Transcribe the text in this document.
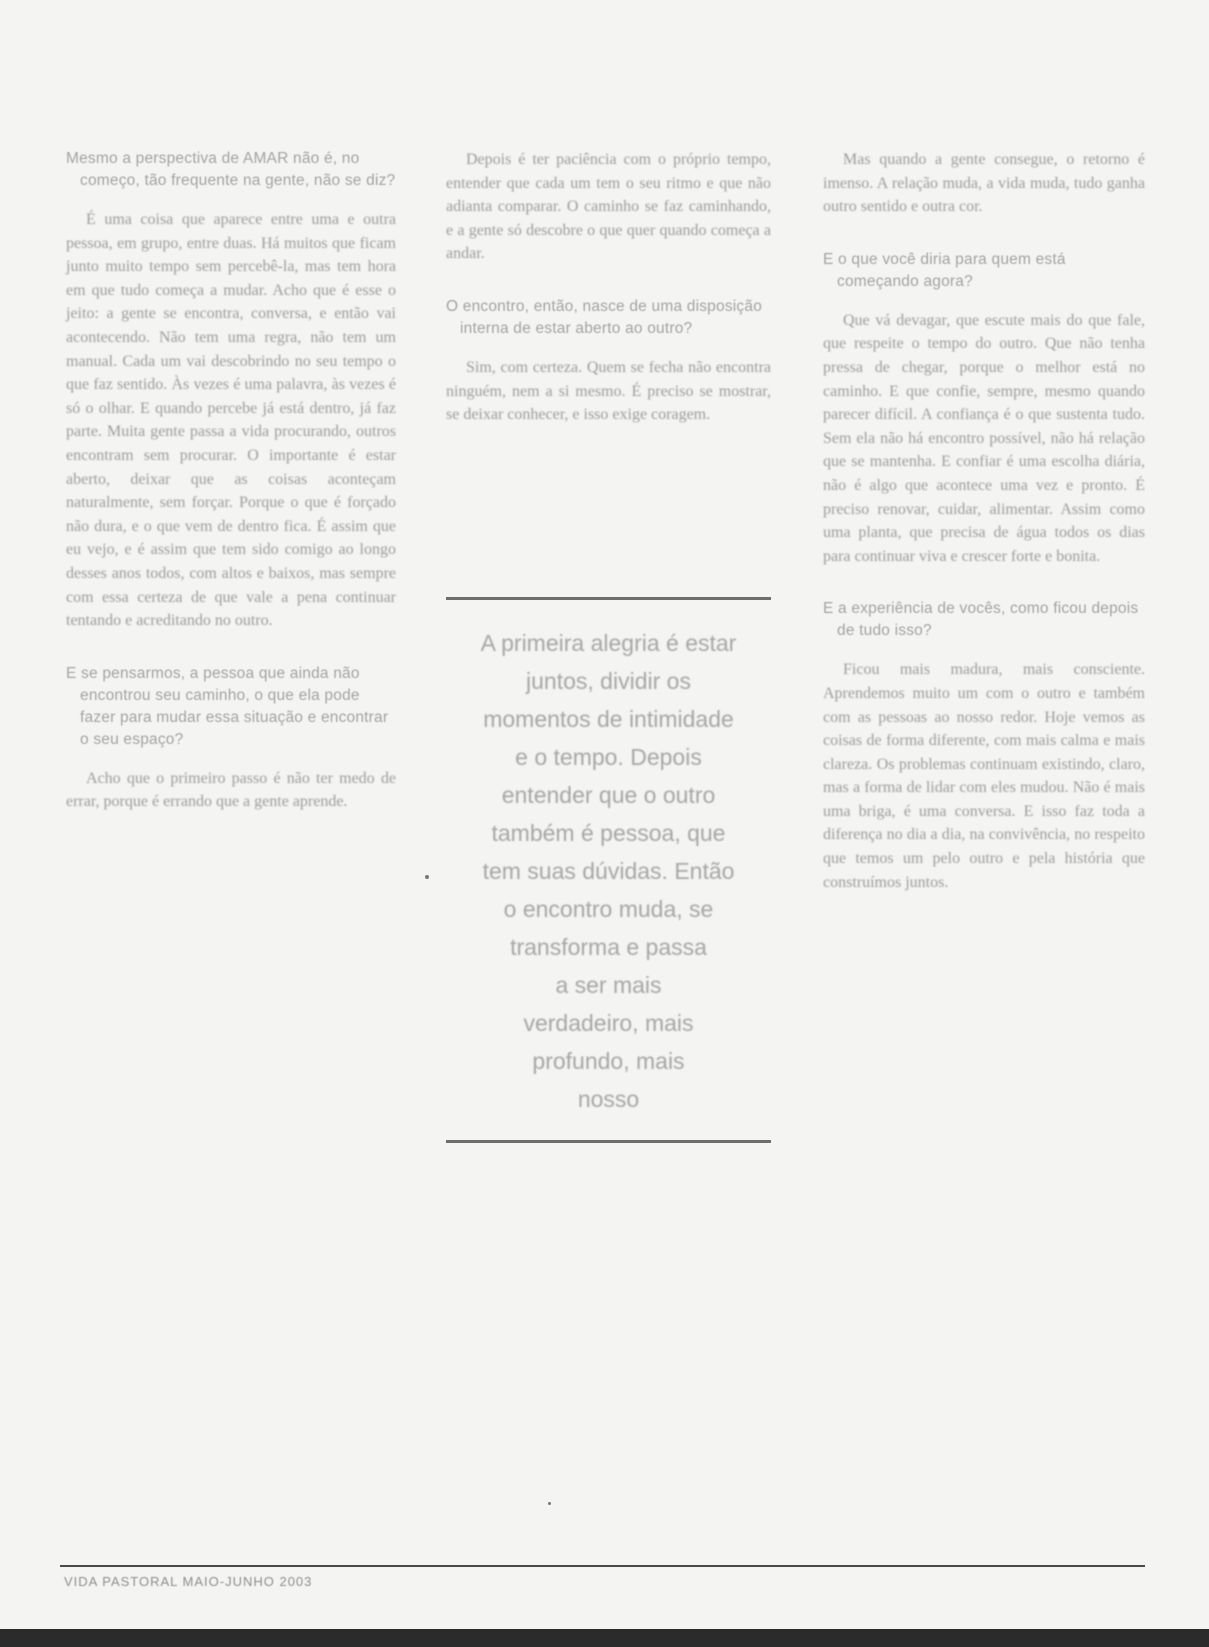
Mesmo a perspectiva de AMAR não é, no começo, tão frequente na gente, não se diz?

É uma coisa que aparece entre uma e outra pessoa, em grupo, entre duas. Há muitos que ficam junto muito tempo sem percebê-la, mas tem hora em que tudo começa a mudar. Acho que é esse o jeito: a gente se encontra, conversa, e então vai acontecendo. Não tem uma regra, não tem um manual. Cada um vai descobrindo no seu tempo o que faz sentido. Às vezes é uma palavra, às vezes é só o olhar. E quando percebe já está dentro, já faz parte. Muita gente passa a vida procurando, outros encontram sem procurar. O importante é estar aberto, deixar que as coisas aconteçam naturalmente, sem forçar. Porque o que é forçado não dura, e o que vem de dentro fica. É assim que eu vejo, e é assim que tem sido comigo ao longo desses anos todos, com altos e baixos, mas sempre com essa certeza de que vale a pena continuar tentando e acreditando no outro.

E se pensarmos, a pessoa que ainda não encontrou seu caminho, o que ela pode fazer para mudar essa situação e encontrar o seu espaço?

Acho que o primeiro passo é não ter medo de errar, porque é errando que a gente aprende.

Depois é ter paciência com o próprio tempo, entender que cada um tem o seu ritmo e que não adianta comparar. O caminho se faz caminhando, e a gente só descobre o que quer quando começa a andar.

O encontro, então, nasce de uma disposição interna de estar aberto ao outro?

Sim, com certeza. Quem se fecha não encontra ninguém, nem a si mesmo. É preciso se mostrar, se deixar conhecer, e isso exige coragem.

A primeira alegria é estar

juntos, dividir os

momentos de intimidade

e o tempo. Depois

entender que o outro

também é pessoa, que

tem suas dúvidas. Então

o encontro muda, se

transforma e passa

a ser mais

verdadeiro, mais

profundo, mais

nosso

Mas quando a gente consegue, o retorno é imenso. A relação muda, a vida muda, tudo ganha outro sentido e outra cor.

E o que você diria para quem está começando agora?

Que vá devagar, que escute mais do que fale, que respeite o tempo do outro. Que não tenha pressa de chegar, porque o melhor está no caminho. E que confie, sempre, mesmo quando parecer difícil. A confiança é o que sustenta tudo. Sem ela não há encontro possível, não há relação que se mantenha. E confiar é uma escolha diária, não é algo que acontece uma vez e pronto. É preciso renovar, cuidar, alimentar. Assim como uma planta, que precisa de água todos os dias para continuar viva e crescer forte e bonita.

E a experiência de vocês, como ficou depois de tudo isso?

Ficou mais madura, mais consciente. Aprendemos muito um com o outro e também com as pessoas ao nosso redor. Hoje vemos as coisas de forma diferente, com mais calma e mais clareza. Os problemas continuam existindo, claro, mas a forma de lidar com eles mudou. Não é mais uma briga, é uma conversa. E isso faz toda a diferença no dia a dia, na convivência, no respeito que temos um pelo outro e pela história que construímos juntos.

VIDA PASTORAL MAIO-JUNHO 2003
